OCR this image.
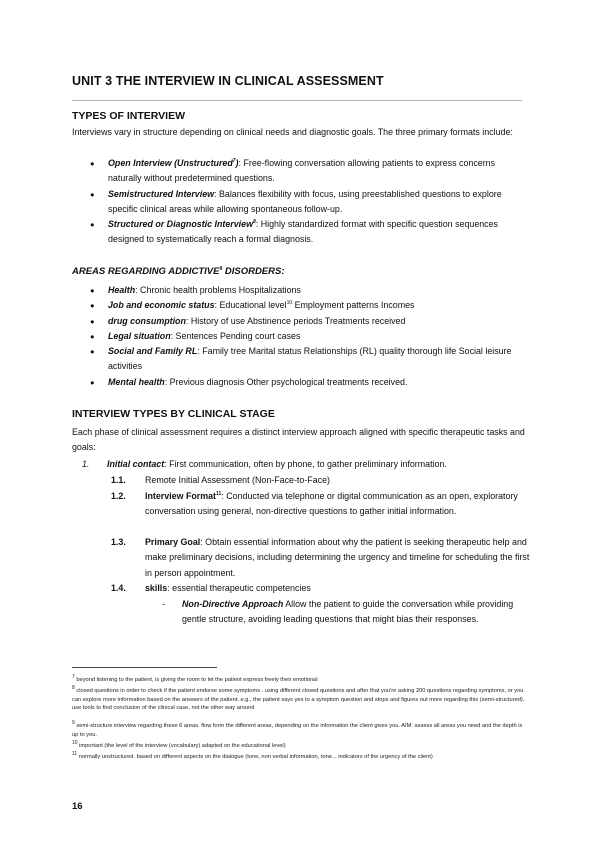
UNIT 3 THE INTERVIEW IN CLINICAL ASSESSMENT
TYPES OF INTERVIEW
Interviews vary in structure depending on clinical needs and diagnostic goals. The three primary formats include:
● Open Interview (Unstructured$^7$): Free-flowing conversation allowing patients to express concerns naturally without predetermined questions.
● Semistructured Interview: Balances flexibility with focus, using preestablished questions to explore specific clinical areas while allowing spontaneous follow-up.
● Structured or Diagnostic Interview$^8$: Highly standardized format with specific question sequences designed to systematically reach a formal diagnosis.
AREAS REGARDING ADDICTIVE$^9$ DISORDERS:
● Health: Chronic health problems Hospitalizations
● Job and economic status: Educational level$^{10}$ Employment patterns Incomes
● drug consumption: History of use Abstinence periods Treatments received
● Legal situation: Sentences Pending court cases
● Social and Family RL: Family tree Marital status Relationships (RL) quality thorough life Social leisure activities
● Mental health: Previous diagnosis Other psychological treatments received.
INTERVIEW TYPES BY CLINICAL STAGE
Each phase of clinical assessment requires a distinct interview approach aligned with specific therapeutic tasks and goals:
1. Initial contact: First communication, often by phone, to gather preliminary information.
1.1. Remote Initial Assessment (Non-Face-to-Face)
1.2. Interview Format$^{11}$: Conducted via telephone or digital communication as an open, exploratory conversation using general, non-directive questions to gather initial information.
1.3. Primary Goal: Obtain essential information about why the patient is seeking therapeutic help and make preliminary decisions, including determining the urgency and timeline for scheduling the first in person appointment.
1.4. skills: essential therapeutic competencies
- Non-Directive Approach Allow the patient to guide the conversation while providing gentle structure, avoiding leading questions that might bias their responses.
7 beyond listening to the patient, is giving the room to let the patient express freely their emotional
8 closed questions in order to check if the patient endorse some symptoms . using different closed questions and after that you're asking 200 questions regarding symptoms, or you can explore more information based on the answers of the patient. e.g., the patient says yes to a symptom question and stops and figures out more regarding this (semi-structured). use tools to find conclusion of the clinical case, not the other way around
9 semi-structure interview regarding these 6 areas. flow form the different areas, depending on the information the client gives you. AIM: assess all areas you need and the depth is up to you.
10 important (the level of the interview (vocabulary) adapted on the educational level)
11 normally unstructured. based on different aspects on the dialogue (tone, non verbal information, tone... indicators of the urgency of the client)
16
